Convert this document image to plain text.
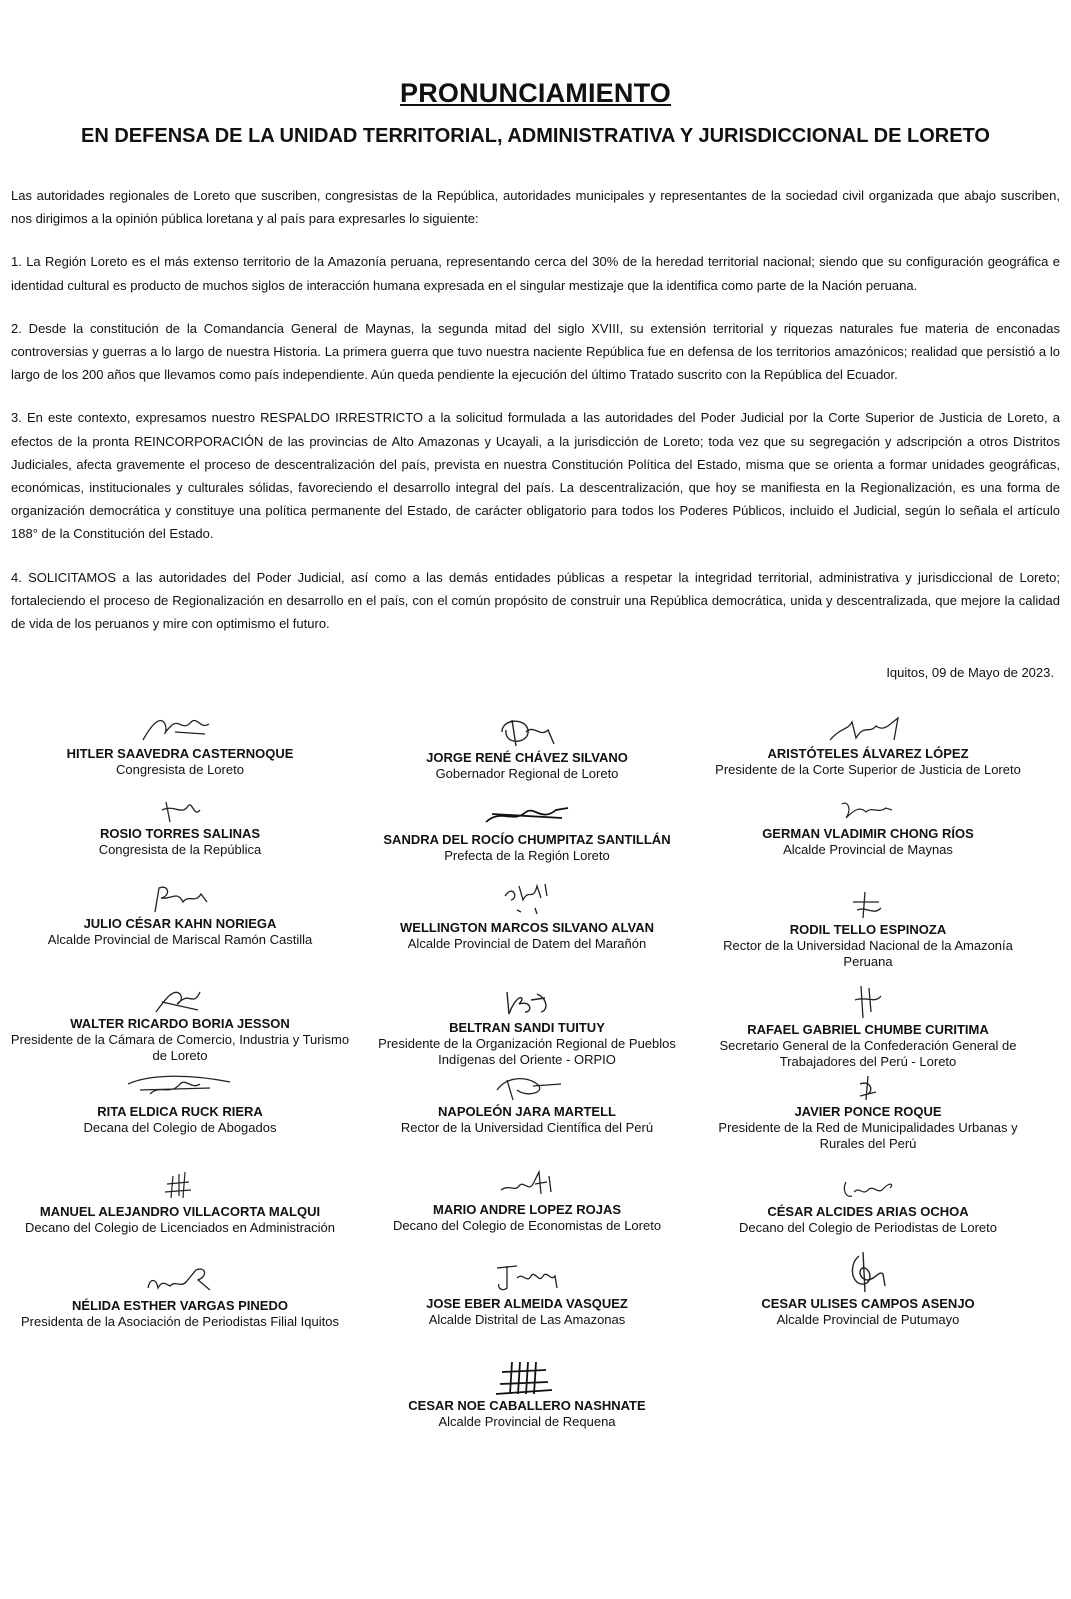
PRONUNCIAMIENTO
EN DEFENSA DE LA UNIDAD TERRITORIAL, ADMINISTRATIVA Y JURISDICCIONAL DE LORETO

Las autoridades regionales de Loreto que suscriben, congresistas de la República, autoridades municipales y representantes de la sociedad civil organizada que abajo suscriben, nos dirigimos a la opinión pública loretana y al país para expresarles lo siguiente:

1. La Región Loreto es el más extenso territorio de la Amazonía peruana, representando cerca del 30% de la heredad territorial nacional; siendo que su configuración geográfica e identidad cultural es producto de muchos siglos de interacción humana expresada en el singular mestizaje que la identifica como parte de la Nación peruana.

2. Desde la constitución de la Comandancia General de Maynas, la segunda mitad del siglo XVIII, su extensión territorial y riquezas naturales fue materia de enconadas controversias y guerras a lo largo de nuestra Historia. La primera guerra que tuvo nuestra naciente República fue en defensa de los territorios amazónicos; realidad que persistió a lo largo de los 200 años que llevamos como país independiente. Aún queda pendiente la ejecución del último Tratado suscrito con la República del Ecuador.

3. En este contexto, expresamos nuestro RESPALDO IRRESTRICTO a la solicitud formulada a las autoridades del Poder Judicial por la Corte Superior de Justicia de Loreto, a efectos de la pronta REINCORPORACIÓN de las provincias de Alto Amazonas y Ucayali, a la jurisdicción de Loreto; toda vez que su segregación y adscripción a otros Distritos Judiciales, afecta gravemente el proceso de descentralización del país, prevista en nuestra Constitución Política del Estado, misma que se orienta a formar unidades geográficas, económicas, institucionales y culturales sólidas, favoreciendo el desarrollo integral del país. La descentralización, que hoy se manifiesta en la Regionalización, es una forma de organización democrática y constituye una política permanente del Estado, de carácter obligatorio para todos los Poderes Públicos, incluido el Judicial, según lo señala el artículo 188° de la Constitución del Estado.

4. SOLICITAMOS a las autoridades del Poder Judicial, así como a las demás entidades públicas a respetar la integridad territorial, administrativa y jurisdiccional de Loreto; fortaleciendo el proceso de Regionalización en desarrollo en el país, con el común propósito de construir una República democrática, unida y descentralizada, que mejore la calidad de vida de los peruanos y mire con optimismo el futuro.

Iquitos, 09 de Mayo de 2023.
HITLER SAAVEDRA CASTERNOQUE
Congresista de Loreto
JORGE RENÉ CHÁVEZ SILVANO
Gobernador Regional de Loreto
ARISTÓTELES ÁLVAREZ LÓPEZ
Presidente de la Corte Superior de Justicia de Loreto
ROSIO TORRES SALINAS
Congresista de la República
SANDRA DEL ROCÍO CHUMPITAZ SANTILLÁN
Prefecta de la Región Loreto
GERMAN VLADIMIR CHONG RÍOS
Alcalde Provincial de Maynas
JULIO CÉSAR KAHN NORIEGA
Alcalde Provincial de Mariscal Ramón Castilla
WELLINGTON MARCOS SILVANO ALVAN
Alcalde Provincial de Datem del Marañón
RODIL TELLO ESPINOZA
Rector de la Universidad Nacional de la Amazonía Peruana
WALTER RICARDO BORIA JESSON
Presidente de la Cámara de Comercio, Industria y Turismo de Loreto
BELTRAN SANDI TUITUY
Presidente de la Organización Regional de Pueblos Indígenas del Oriente - ORPIO
RAFAEL GABRIEL CHUMBE CURITIMA
Secretario General de la Confederación General de Trabajadores del Perú - Loreto
RITA ELDICA RUCK RIERA
Decana del Colegio de Abogados
NAPOLEÓN JARA MARTELL
Rector de la Universidad Científica del Perú
JAVIER PONCE ROQUE
Presidente de la Red de Municipalidades Urbanas y Rurales del Perú
MANUEL ALEJANDRO VILLACORTA MALQUI
Decano del Colegio de Licenciados en Administración
MARIO ANDRE LOPEZ ROJAS
Decano del Colegio de Economistas de Loreto
CÉSAR ALCIDES ARIAS OCHOA
Decano del Colegio de Periodistas de Loreto
NÉLIDA ESTHER VARGAS PINEDO
Presidenta de la Asociación de Periodistas Filial Iquitos
JOSE EBER ALMEIDA VASQUEZ
Alcalde Distrital de Las Amazonas
CESAR ULISES CAMPOS ASENJO
Alcalde Provincial de Putumayo
CESAR NOE CABALLERO NASHNATE
Alcalde Provincial de Requena
